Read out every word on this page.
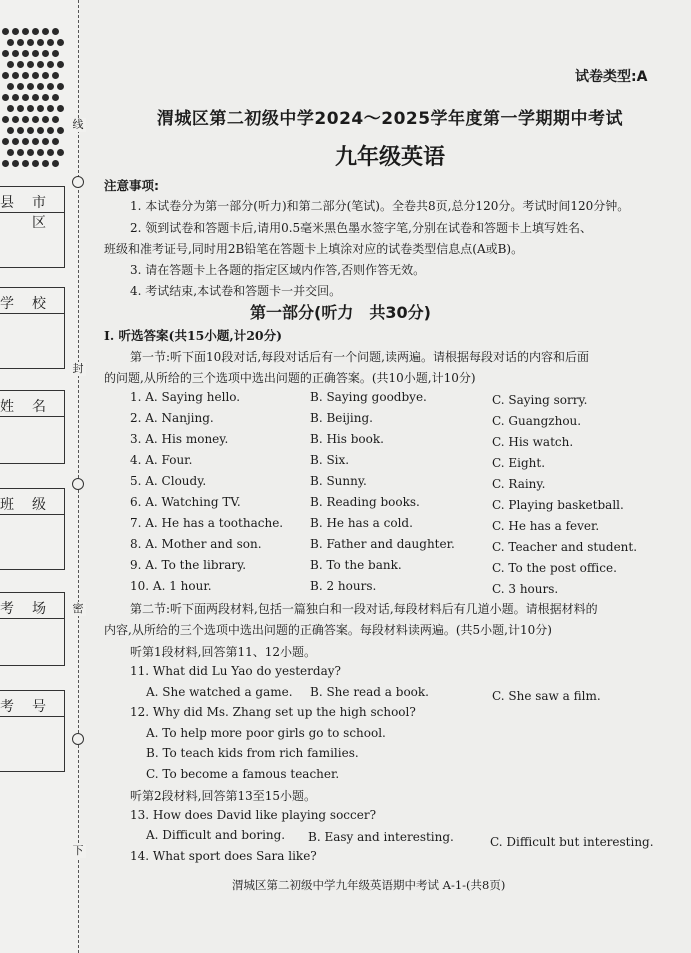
县市区
学校
姓名
班级
考场
考号
线
封
密
下
试卷类型:A
渭城区第二初级中学2024～2025学年度第一学期期中考试
九年级英语
注意事项:
1. 本试卷分为第一部分(听力)和第二部分(笔试)。全卷共8页,总分120分。考试时间120分钟。
2. 领到试卷和答题卡后,请用0.5毫米黑色墨水签字笔,分别在试卷和答题卡上填写姓名、
班级和准考证号,同时用2B铅笔在答题卡上填涂对应的试卷类型信息点(A或B)。
3. 请在答题卡上各题的指定区域内作答,否则作答无效。
4. 考试结束,本试卷和答题卡一并交回。
第一部分(听力　共30分)
Ⅰ. 听选答案(共15小题,计20分)
第一节:听下面10段对话,每段对话后有一个问题,读两遍。请根据每段对话的内容和后面
的问题,从所给的三个选项中选出问题的正确答案。(共10小题,计10分)
1. A. Saying hello.	B. Saying goodbye.	C. Saying sorry.
2. A. Nanjing.	B. Beijing.	C. Guangzhou.
3. A. His money.	B. His book.	C. His watch.
4. A. Four.	B. Six.	C. Eight.
5. A. Cloudy.	B. Sunny.	C. Rainy.
6. A. Watching TV.	B. Reading books.	C. Playing basketball.
7. A. He has a toothache. B. He has a cold.	C. He has a fever.
8. A. Mother and son.	B. Father and daughter.	C. Teacher and student.
9. A. To the library.	B. To the bank.	C. To the post office.
10. A. 1 hour.	B. 2 hours.	C. 3 hours.
第二节:听下面两段材料,包括一篇独白和一段对话,每段材料后有几道小题。请根据材料的
内容,从所给的三个选项中选出问题的正确答案。每段材料读两遍。(共5小题,计10分)
听第1段材料,回答第11、12小题。
11. What did Lu Yao do yesterday?
A. She watched a game. B. She read a book.	C. She saw a film.
12. Why did Ms. Zhang set up the high school?
A. To help more poor girls go to school.
B. To teach kids from rich families.
C. To become a famous teacher.
听第2段材料,回答第13至15小题。
13. How does David like playing soccer?
A. Difficult and boring. B. Easy and interesting.	C. Difficult but interesting.
14. What sport does Sara like?
渭城区第二初级中学九年级英语期中考试 A-1-(共8页)
